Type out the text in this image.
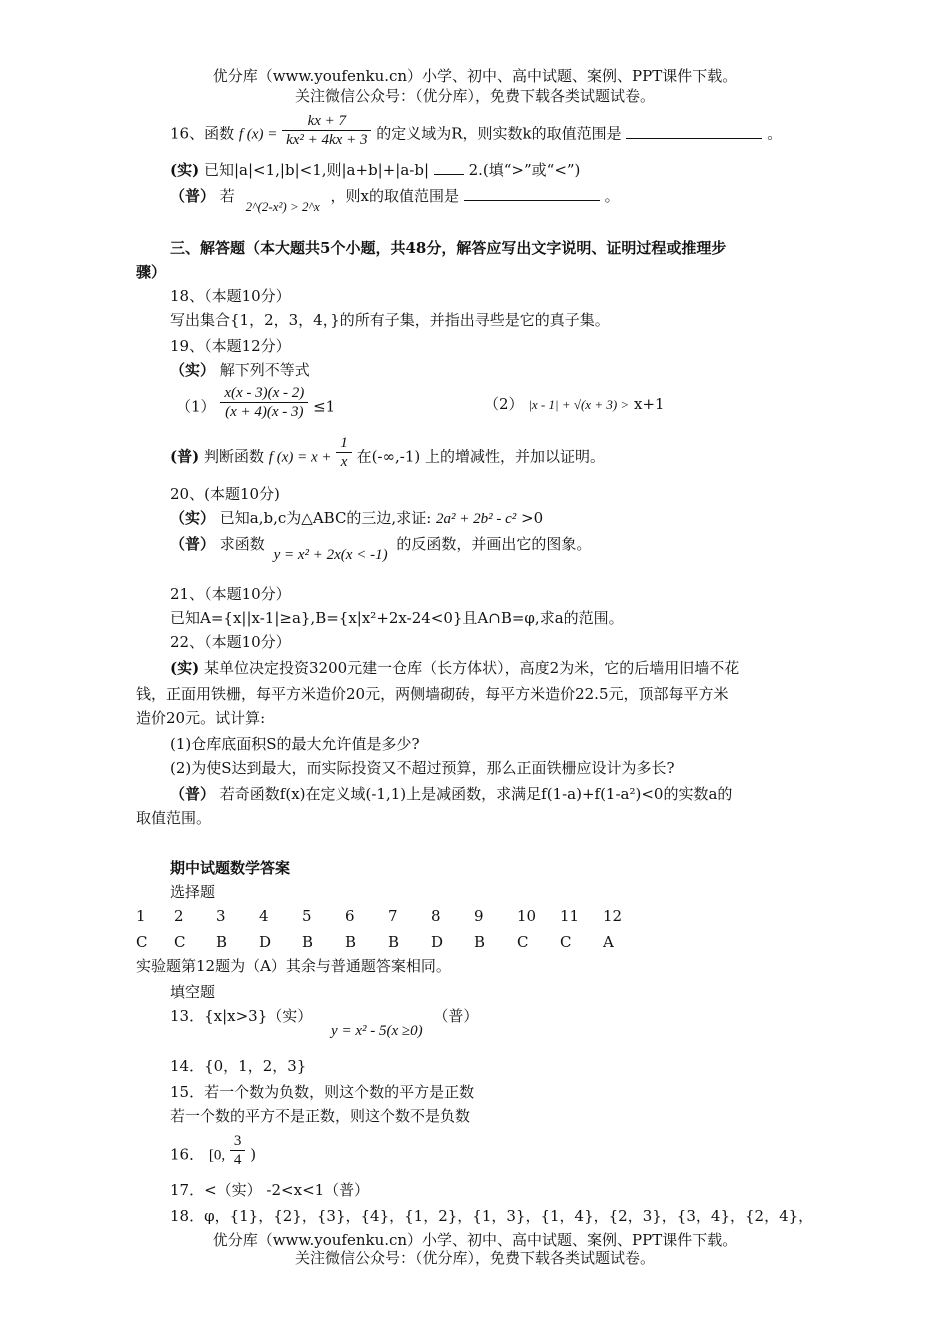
优分库（www.youfenku.cn）小学、初中、高中试题、案例、PPT课件下载。
关注微信公众号：（优分库），免费下载各类试题试卷。
16、函数 f $(x) = \frac{kx + 7}{\text{kx² + 4kx + 3}}$ 的定义域为R，则实数k的取值范围是	。
(实) 已知|a|<1,|b|<1,则|a+b|+|a-b|	2.(填“>”或“<”)
（普） 若 2^(2-x²) > 2^x ，则x的取值范围是	。
三、解答题（本大题共5个小题，共48分，解答应写出文字说明、证明过程或推理步
骤）
18、（本题10分）
写出集合{1，2，3，4，}的所有子集，并指出寻些是它的真子集。
19、（本题12分）
（实） 解下列不等式
$(1) \frac{x(x - 3)(x - 2)}{(x + 4)(x - 3)} \le 1$	（2） |x - 1| + √(x + 3) > x+1
(普) 判断函数 f $(x) = x + \frac{1}{x}$ 在(-∞,-1) 上的增减性，并加以证明。
20、(本题10分)
（实） 已知a,b,c为△ABC的三边,求证: 2a² + 2b² - c² >0
（普） 求函数 y = x² + 2x(x < -1) 的反函数，并画出它的图象。
21、（本题10分）
已知A={x||x-1|≥a},B={x|x²+2x-24<0}且A∩B=φ,求a的范围。
22、（本题10分）
(实) 某单位决定投资3200元建一仓库（长方体状），高度2为米，它的后墙用旧墙不花
钱，正面用铁栅，每平方米造价20元，两侧墙砌砖，每平方米造价22.5元，顶部每平方米
造价20元。试计算:
(1)仓库底面积S的最大允许值是多少?
(2)为使S达到最大，而实际投资又不超过预算，那么正面铁栅应设计为多长?
（普） 若奇函数f(x)在定义域(-1,1)上是减函数，求满足f(1-a)+f(1-a²)<0的实数a的
取值范围。
期中试题数学答案
选择题
1 2 3 4 5 6 7 8 9 10 11 12
C C B D B B B D B C C A
实验题第12题为（A）其余与普通题答案相同。
填空题
13．{x|x>3}（实） y = x² - 5(x ≥0) （普）
14．{0，1，2，3}
15．若一个数为负数，则这个数的平方是正数
若一个数的平方不是正数，则这个数不是负数
16． [0, $\frac{3}{4}$ )
17．<（实） -2<x<1（普）
18．φ，{1}，{2}，{3}，{4}，{1，2}，{1，3}，{1，4}，{2，3}，{3，4}，{2，4}，
优分库（www.youfenku.cn）小学、初中、高中试题、案例、PPT课件下载。
关注微信公众号：（优分库），免费下载各类试题试卷。
